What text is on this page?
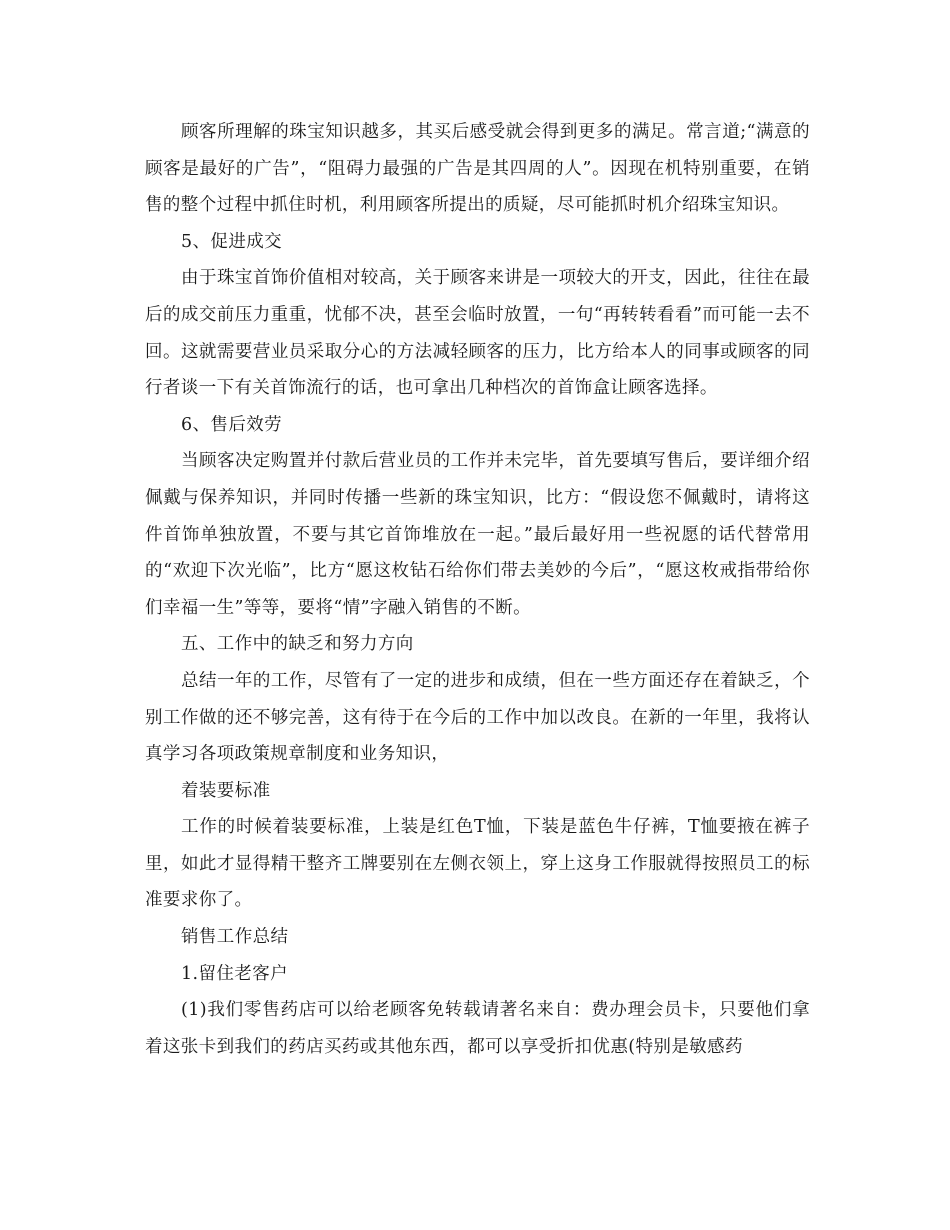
顾客所理解的珠宝知识越多，其买后感受就会得到更多的满足。常言道;“满意的顾客是最好的广告”，“阻碍力最强的广告是其四周的人”。因现在机特别重要，在销售的整个过程中抓住时机，利用顾客所提出的质疑，尽可能抓时机介绍珠宝知识。

5、促进成交

由于珠宝首饰价值相对较高，关于顾客来讲是一项较大的开支，因此，往往在最后的成交前压力重重，忧郁不决，甚至会临时放置，一句“再转转看看”而可能一去不回。这就需要营业员采取分心的方法减轻顾客的压力，比方给本人的同事或顾客的同行者谈一下有关首饰流行的话，也可拿出几种档次的首饰盒让顾客选择。

6、售后效劳

当顾客决定购置并付款后营业员的工作并未完毕，首先要填写售后，要详细介绍佩戴与保养知识，并同时传播一些新的珠宝知识，比方：“假设您不佩戴时，请将这件首饰单独放置，不要与其它首饰堆放在一起。”最后最好用一些祝愿的话代替常用的“欢迎下次光临”，比方“愿这枚钻石给你们带去美妙的今后”，“愿这枚戒指带给你们幸福一生”等等，要将“情”字融入销售的不断。

五、工作中的缺乏和努力方向

总结一年的工作，尽管有了一定的进步和成绩，但在一些方面还存在着缺乏，个别工作做的还不够完善，这有待于在今后的工作中加以改良。在新的一年里，我将认真学习各项政策规章制度和业务知识，

着装要标准

工作的时候着装要标准，上装是红色T恤，下装是蓝色牛仔裤，T恤要掖在裤子里，如此才显得精干整齐工牌要别在左侧衣领上，穿上这身工作服就得按照员工的标准要求你了。

销售工作总结

1.留住老客户

(1)我们零售药店可以给老顾客免转载请著名来自：费办理会员卡，只要他们拿着这张卡到我们的药店买药或其他东西，都可以享受折扣优惠(特别是敏感药
